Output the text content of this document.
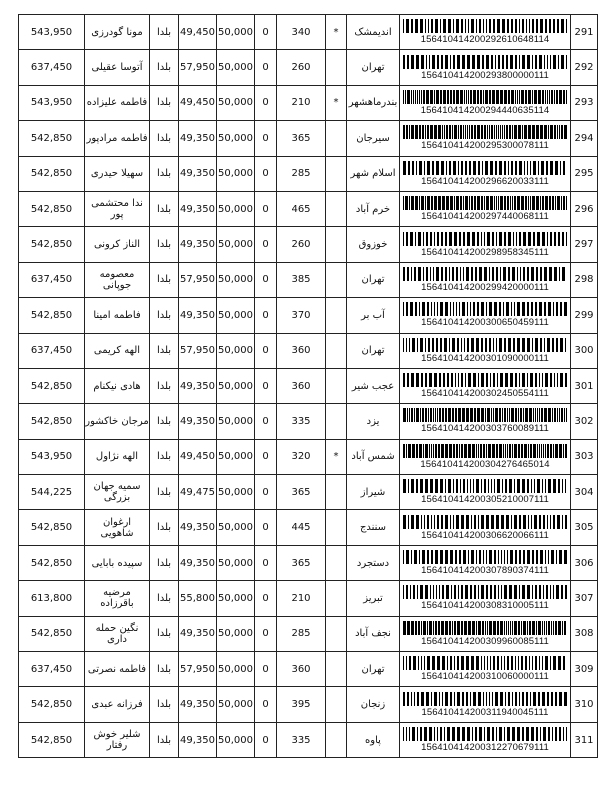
543,950	مونا گودرزی	بلدا	49,450	50,000	0	340	*	اندیمشک	156410414200292610648114	291
637,450	آتوسا عقیلی	بلدا	57,950	50,000	0	260		تهران	156410414200293800000111	292
543,950	فاطمه علیزاده	بلدا	49,450	50,000	0	210	*	بندرماهشهر	156410414200294440635114	293
542,850	فاطمه مرادپور	بلدا	49,350	50,000	0	365		سیرجان	156410414200295300078111	294
542,850	سهیلا حیدری	بلدا	49,350	50,000	0	285		اسلام شهر	156410414200296620033111	295
542,850	ندا محتشمی پور	بلدا	49,350	50,000	0	465		خرم آباد	156410414200297440068111	296
542,850	الناز کرونی	بلدا	49,350	50,000	0	260		خوزوق	156410414200298958345111	297
637,450	معصومه جوپانی	بلدا	57,950	50,000	0	385		تهران	156410414200299420000111	298
542,850	فاطمه امینا	بلدا	49,350	50,000	0	370		آب بر	156410414200300650459111	299
637,450	الهه کریمی	بلدا	57,950	50,000	0	360		تهران	156410414200301090000111	300
542,850	هادی نیکنام	بلدا	49,350	50,000	0	360		عجب شیر	156410414200302450554111	301
542,850	مرجان خاکشور	بلدا	49,350	50,000	0	335		یزد	156410414200303760089111	302
543,950	الهه نژاول	بلدا	49,450	50,000	0	320	*	شمس آباد	156410414200304276465014	303
544,225	سمیه جهان بزرگی	بلدا	49,475	50,000	0	365		شیراز	156410414200305210007111	304
542,850	ارغوان شاهویی	بلدا	49,350	50,000	0	445		سنندج	156410414200306620066111	305
542,850	سپیده بابایی	بلدا	49,350	50,000	0	365		دستجرد	156410414200307890374111	306
613,800	مرضیه باقرزاده	بلدا	55,800	50,000	0	210		تبریز	156410414200308310005111	307
542,850	نگین حمله داری	بلدا	49,350	50,000	0	285		نجف آباد	156410414200309960085111	308
637,450	فاطمه نصرتی	بلدا	57,950	50,000	0	360		تهران	156410414200310060000111	309
542,850	فرزانه عبدی	بلدا	49,350	50,000	0	395		زنجان	156410414200311940045111	310
542,850	شلیر خوش رفتار	بلدا	49,350	50,000	0	335		پاوه	156410414200312270679111	311
